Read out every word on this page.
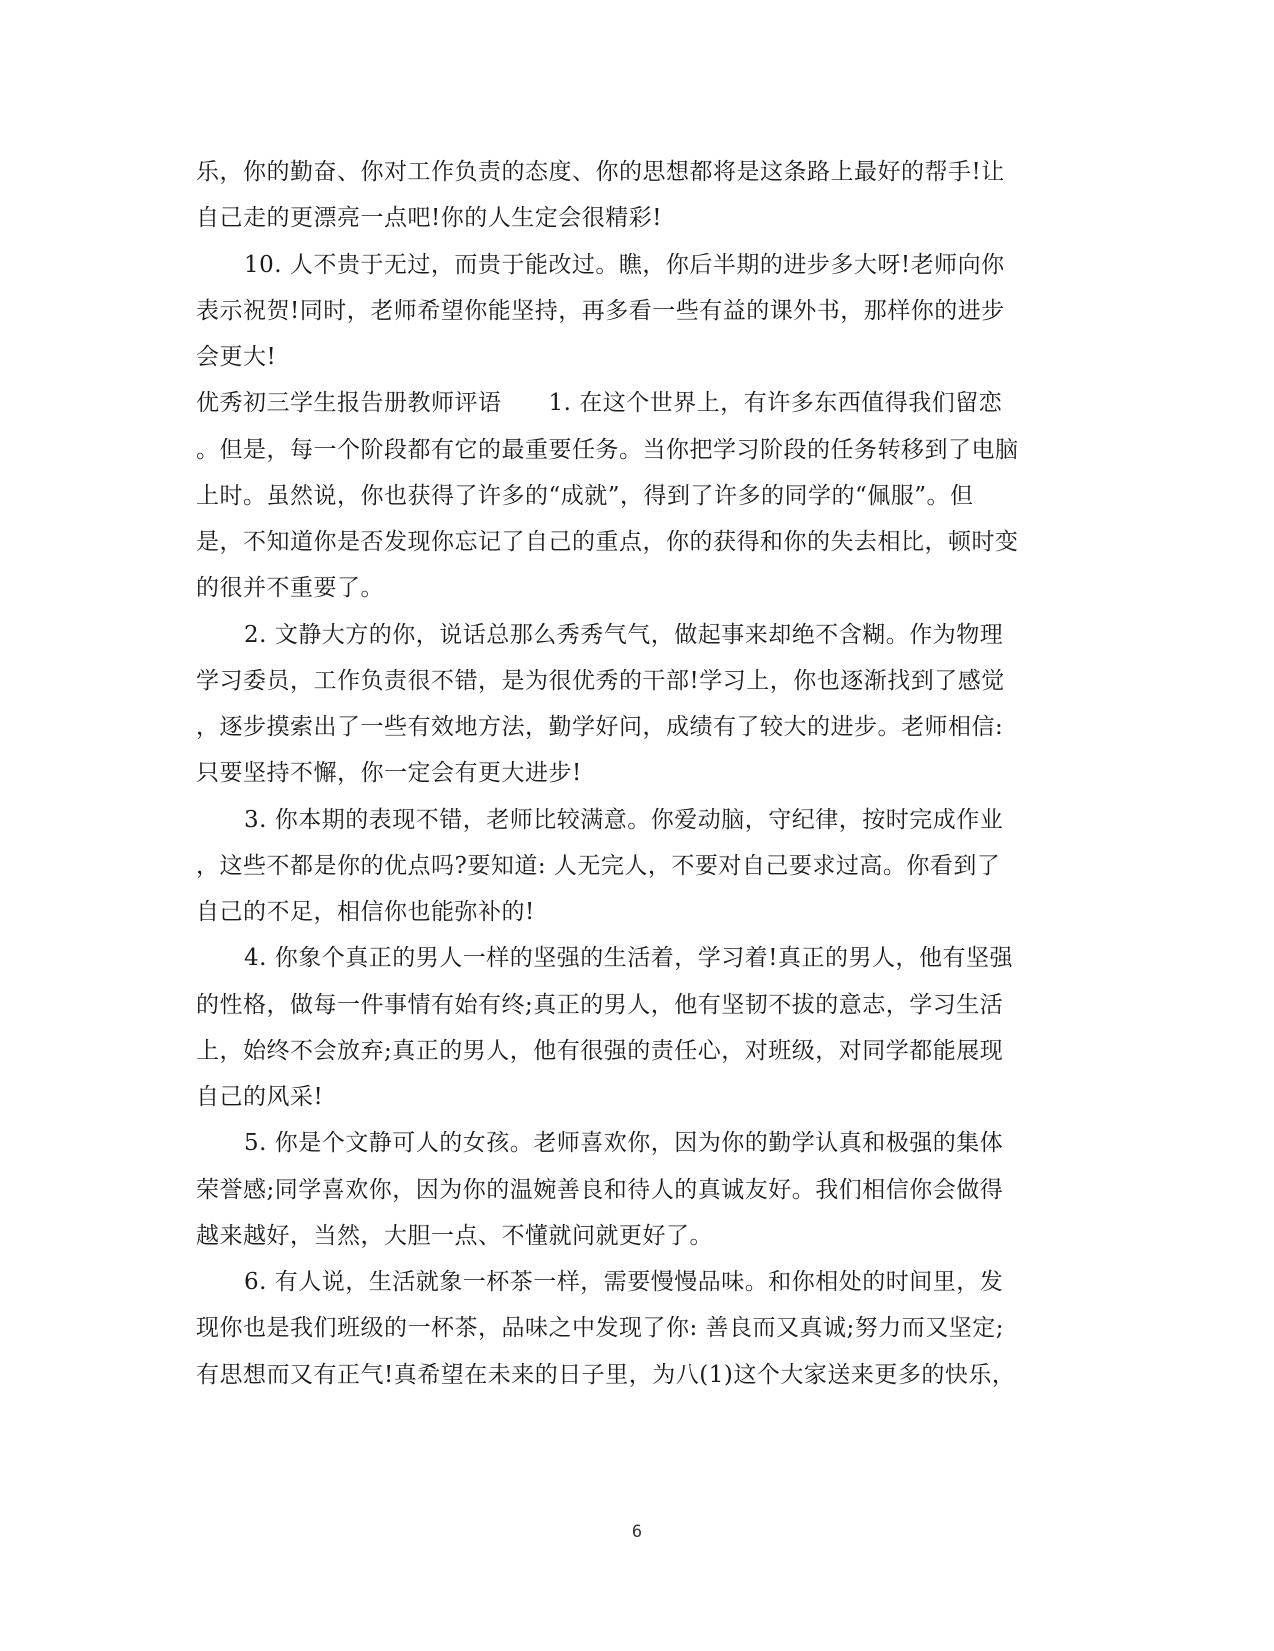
乐，你的勤奋、你对工作负责的态度、你的思想都将是这条路上最好的帮手!让
自己走的更漂亮一点吧!你的人生定会很精彩!
10. 人不贵于无过，而贵于能改过。瞧，你后半期的进步多大呀!老师向你
表示祝贺!同时，老师希望你能坚持，再多看一些有益的课外书，那样你的进步
会更大!
优秀初三学生报告册教师评语　　1. 在这个世界上，有许多东西值得我们留恋
。但是，每一个阶段都有它的最重要任务。当你把学习阶段的任务转移到了电脑
上时。虽然说，你也获得了许多的“成就”，得到了许多的同学的“佩服”。但
是，不知道你是否发现你忘记了自己的重点，你的获得和你的失去相比，顿时变
的很并不重要了。
2. 文静大方的你，说话总那么秀秀气气，做起事来却绝不含糊。作为物理
学习委员，工作负责很不错，是为很优秀的干部!学习上，你也逐渐找到了感觉
，逐步摸索出了一些有效地方法，勤学好问，成绩有了较大的进步。老师相信:
只要坚持不懈，你一定会有更大进步!
3. 你本期的表现不错，老师比较满意。你爱动脑，守纪律，按时完成作业
，这些不都是你的优点吗?要知道: 人无完人，不要对自己要求过高。你看到了
自己的不足，相信你也能弥补的!
4. 你象个真正的男人一样的坚强的生活着，学习着!真正的男人，他有坚强
的性格，做每一件事情有始有终;真正的男人，他有坚韧不拔的意志，学习生活
上，始终不会放弃;真正的男人，他有很强的责任心，对班级，对同学都能展现
自己的风采!
5. 你是个文静可人的女孩。老师喜欢你，因为你的勤学认真和极强的集体
荣誉感;同学喜欢你，因为你的温婉善良和待人的真诚友好。我们相信你会做得
越来越好，当然，大胆一点、不懂就问就更好了。
6. 有人说，生活就象一杯茶一样，需要慢慢品味。和你相处的时间里，发
现你也是我们班级的一杯茶，品味之中发现了你: 善良而又真诚;努力而又坚定;
有思想而又有正气!真希望在未来的日子里，为八(1)这个大家送来更多的快乐，
6
